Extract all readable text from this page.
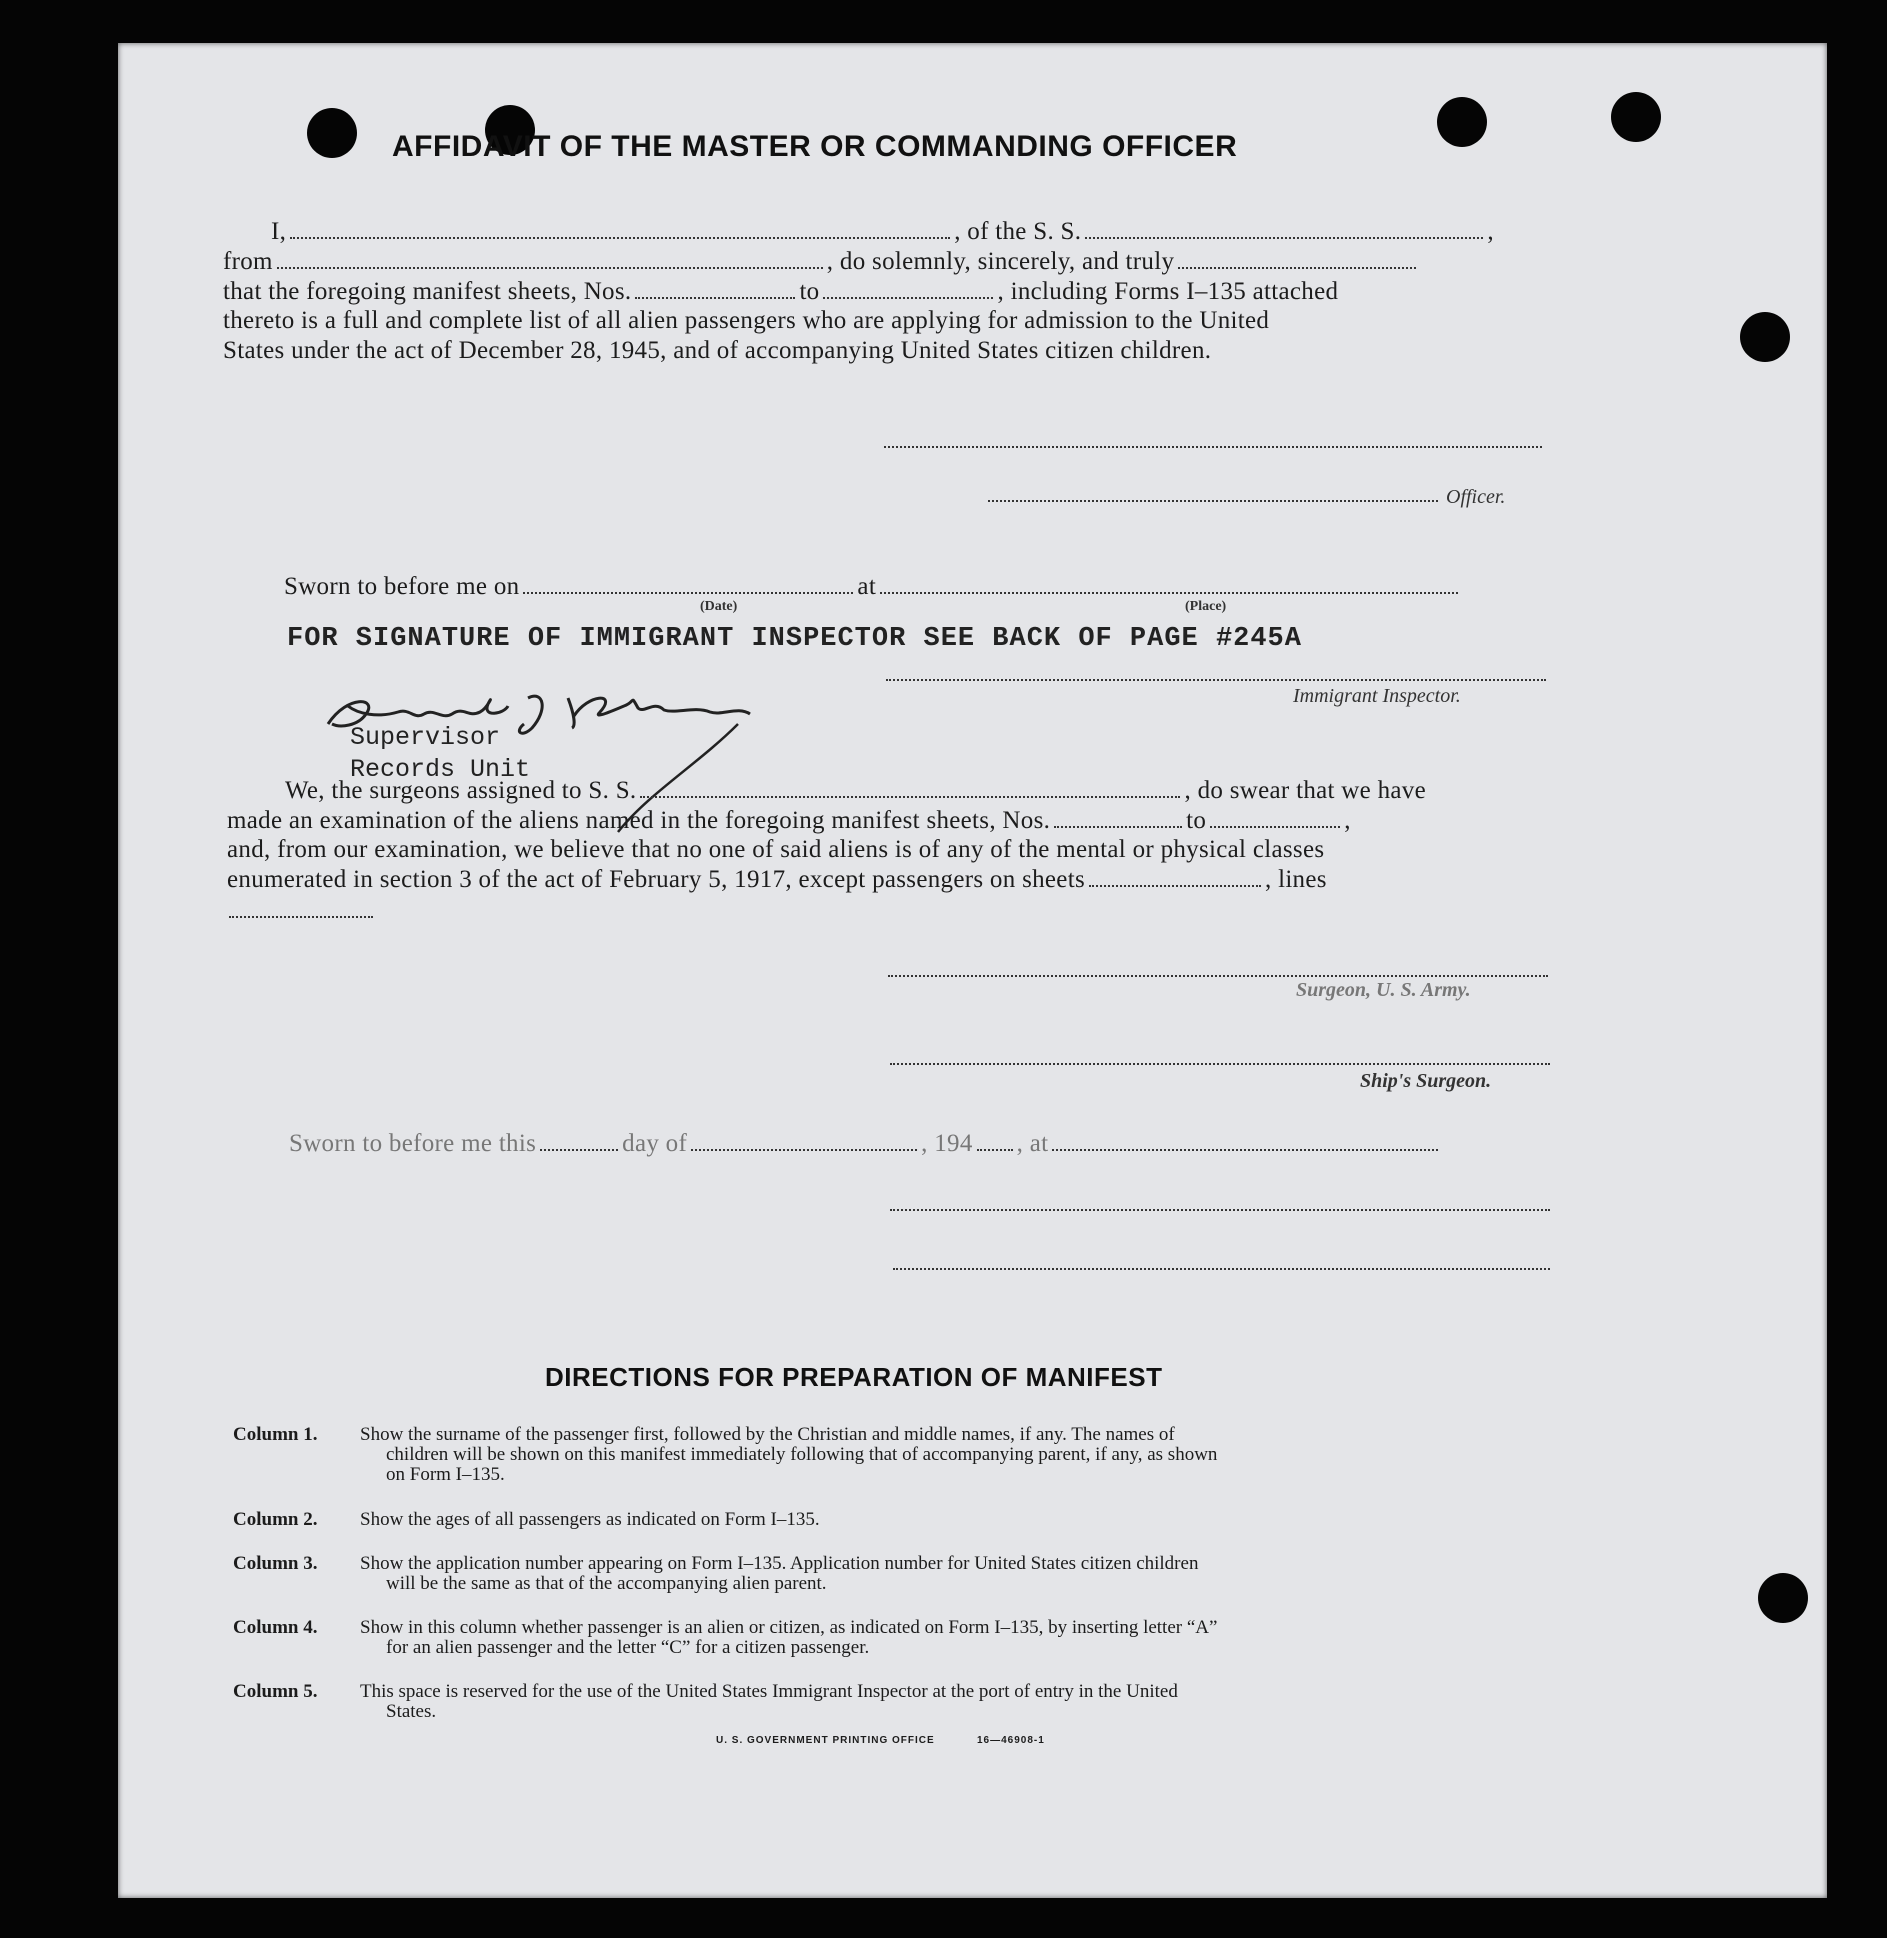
AFFIDAVIT OF THE MASTER OR COMMANDING OFFICER
I,	, of the S. S.	,
from	, do solemnly, sincerely, and truly
that the foregoing manifest sheets, Nos.	to	, including Forms I–135 attached
thereto is a full and complete list of all alien passengers who are applying for admission to the United
States under the act of December 28, 1945, and of accompanying United States citizen children.
Officer.
Sworn to before me on	at
(Date)	(Place)
FOR SIGNATURE OF IMMIGRANT INSPECTOR SEE BACK OF PAGE #245A
Immigrant Inspector.
Supervisor
Records Unit
We, the surgeons assigned to S. S.	, do swear that we have
made an examination of the aliens named in the foregoing manifest sheets, Nos.	to	,
and, from our examination, we believe that no one of said aliens is of any of the mental or physical classes
enumerated in section 3 of the act of February 5, 1917, except passengers on sheets	, lines
Surgeon, U. S. Army.
Ship's Surgeon.
Sworn to before me this	day of	, 194 , at
DIRECTIONS FOR PREPARATION OF MANIFEST
Column 1.	Show the surname of the passenger first, followed by the Christian and middle names, if any. The names of
children will be shown on this manifest immediately following that of accompanying parent, if any, as shown
on Form I–135.
Column 2.	Show the ages of all passengers as indicated on Form I–135.
Column 3.	Show the application number appearing on Form I–135. Application number for United States citizen children
will be the same as that of the accompanying alien parent.
Column 4.	Show in this column whether passenger is an alien or citizen, as indicated on Form I–135, by inserting letter “A”
for an alien passenger and the letter “C” for a citizen passenger.
Column 5.	This space is reserved for the use of the United States Immigrant Inspector at the port of entry in the United
States.
U. S. GOVERNMENT PRINTING OFFICE	16—46908-1
